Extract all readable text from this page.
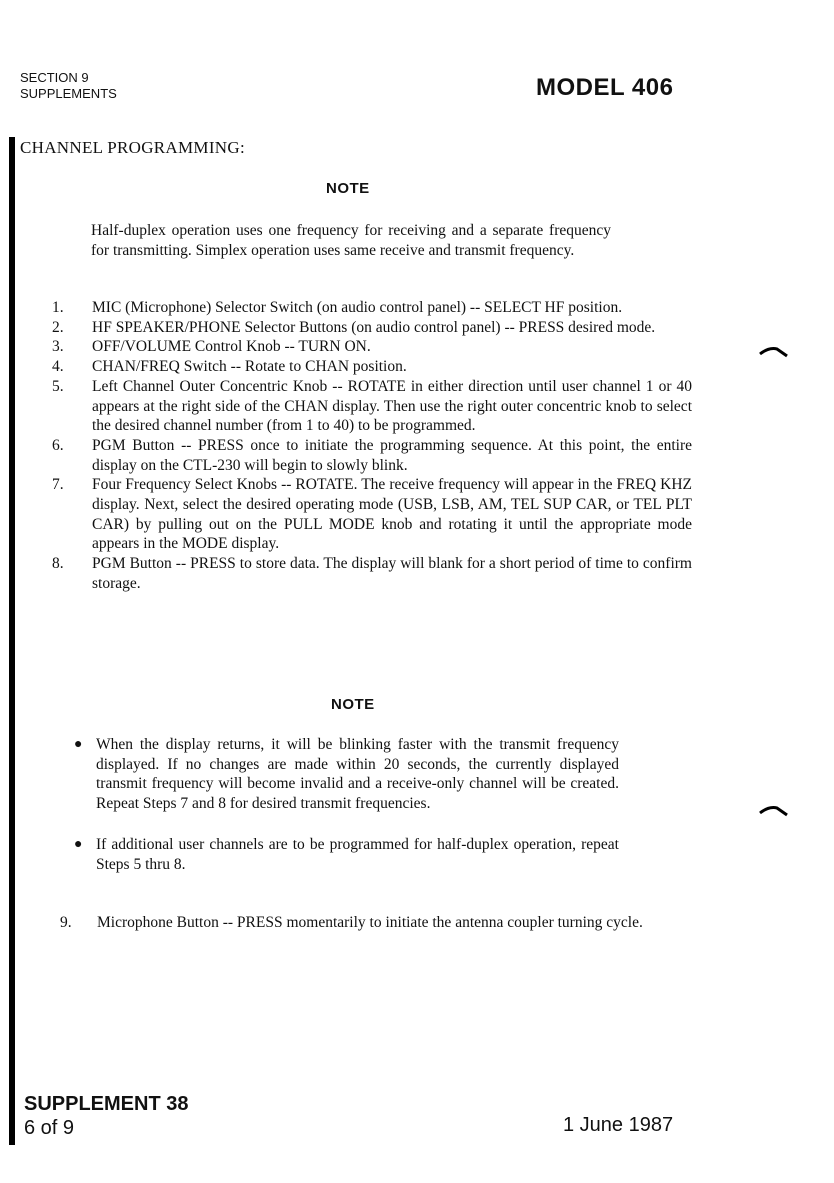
SECTION 9
SUPPLEMENTS	MODEL 406
CHANNEL PROGRAMMING:
NOTE
Half-duplex operation uses one frequency for receiving and a separate frequency for transmitting. Simplex operation uses same receive and transmit frequency.
1.	MIC (Microphone) Selector Switch (on audio control panel) -- SELECT HF position.
2.	HF SPEAKER/PHONE Selector Buttons (on audio control panel) -- PRESS desired mode.
3.	OFF/VOLUME Control Knob -- TURN ON.
4.	CHAN/FREQ Switch -- Rotate to CHAN position.
5.	Left Channel Outer Concentric Knob -- ROTATE in either direction until user channel 1 or 40 appears at the right side of the CHAN display. Then use the right outer concentric knob to select the desired channel number (from 1 to 40) to be programmed.
6.	PGM Button -- PRESS once to initiate the programming sequence. At this point, the entire display on the CTL-230 will begin to slowly blink.
7.	Four Frequency Select Knobs -- ROTATE. The receive frequency will appear in the FREQ KHZ display. Next, select the desired operating mode (USB, LSB, AM, TEL SUP CAR, or TEL PLT CAR) by pulling out on the PULL MODE knob and rotating it until the appropriate mode appears in the MODE display.
8.	PGM Button -- PRESS to store data. The display will blank for a short period of time to confirm storage.
NOTE
● When the display returns, it will be blinking faster with the transmit frequency displayed. If no changes are made within 20 seconds, the currently displayed transmit frequency will become invalid and a receive-only channel will be created. Repeat Steps 7 and 8 for desired transmit frequencies.
● If additional user channels are to be programmed for half-duplex operation, repeat Steps 5 thru 8.
9.	Microphone Button -- PRESS momentarily to initiate the antenna coupler turning cycle.
SUPPLEMENT 38
6 of 9	1 June 1987
